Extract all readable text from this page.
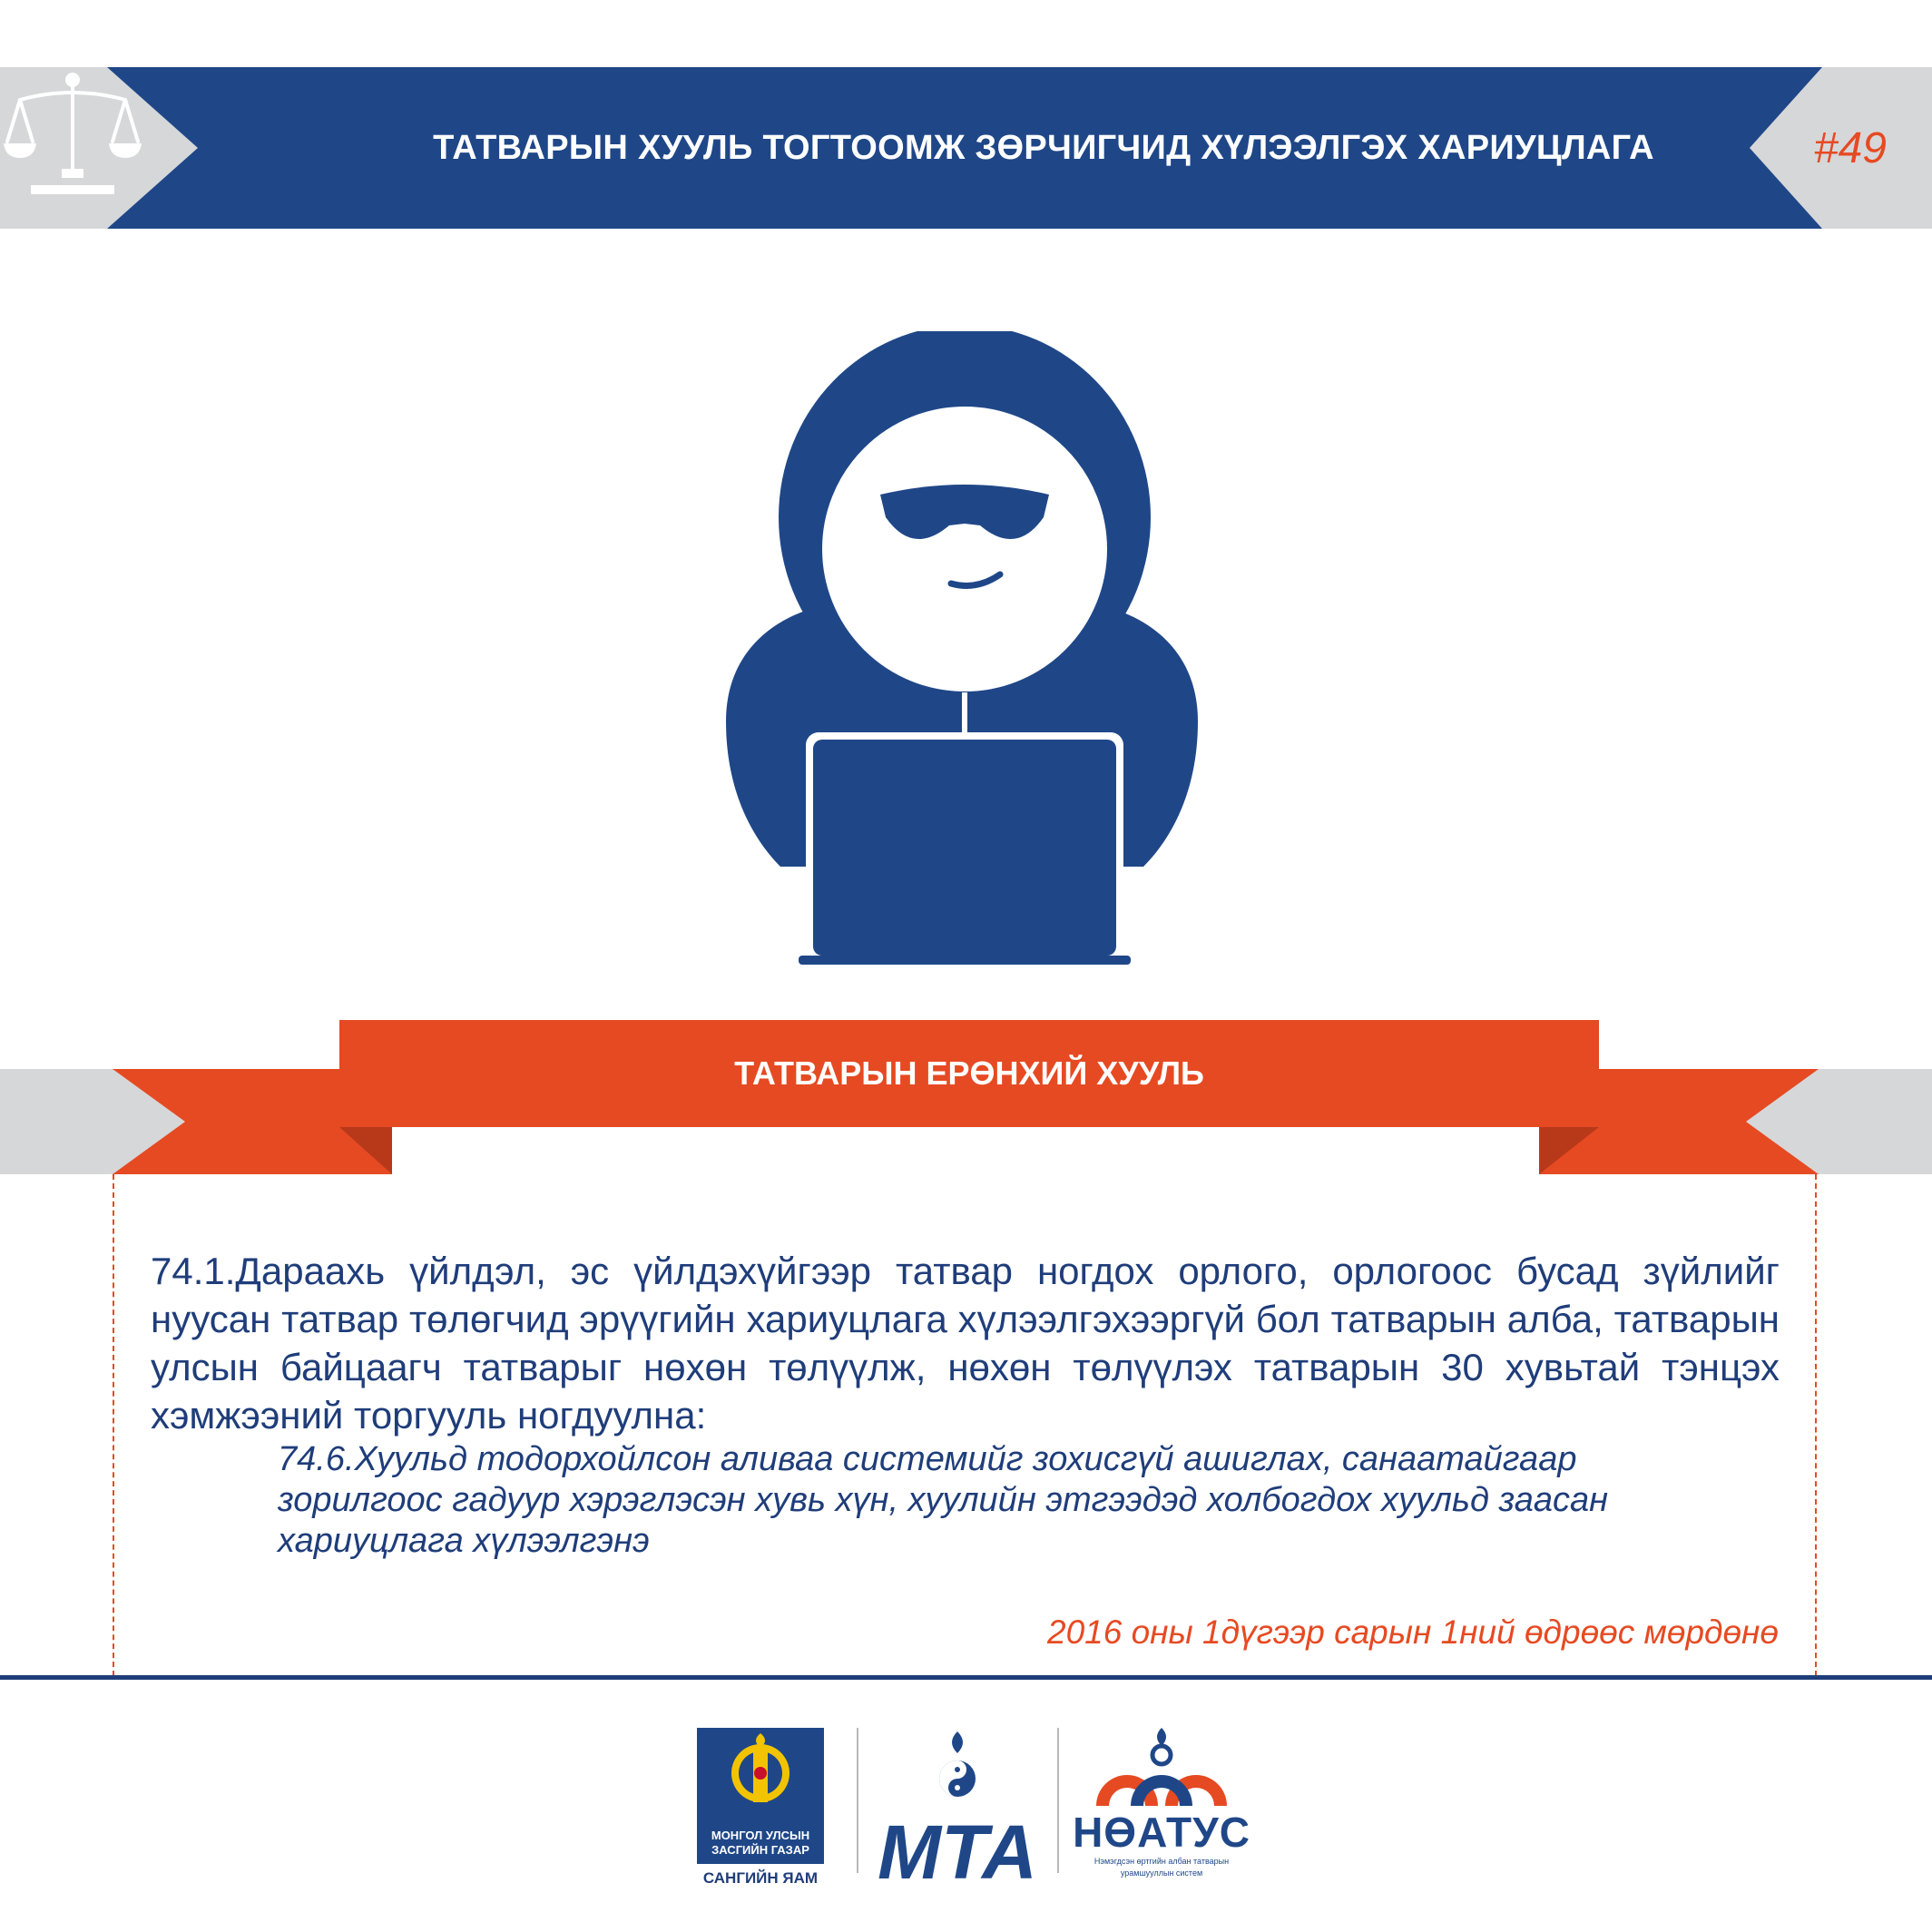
ТАТВАРЫН ХУУЛЬ ТОГТООМЖ ЗӨРЧИГЧИД ХҮЛЭЭЛГЭХ ХАРИУЦЛАГА	#49
ТАТВАРЫН ЕРӨНХИЙ ХУУЛЬ

74.1.Дараахь үйлдэл, эс үйлдэхүйгээр татвар ногдох орлого, орлогоос бусад зүйлийг нуусан татвар төлөгчид эрүүгийн хариуцлага хүлээлгэхээргүй бол татварын алба, татварын улсын байцаагч татварыг нөхөн төлүүлж, нөхөн төлүүлэх татварын 30 хувьтай тэнцэх хэмжээний торгууль ногдуулна:

74.6.Хуульд тодорхойлсон аливаа системийг зохисгүй ашиглах, санаатайгаар зорилгоос гадуур хэрэглэсэн хувь хүн, хуулийн этгээдэд холбогдох хуульд заасан хариуцлага хүлээлгэнэ

2016 оны 1дүгээр сарын 1ний өдрөөс мөрдөнө
МОНГОЛ УЛСЫН
ЗАСГИЙН ГАЗАР
САНГИЙН ЯАМ MTA НӨАТУС
Нэмэгдсэн өртгийн албан татварын
урамшууллын систем
